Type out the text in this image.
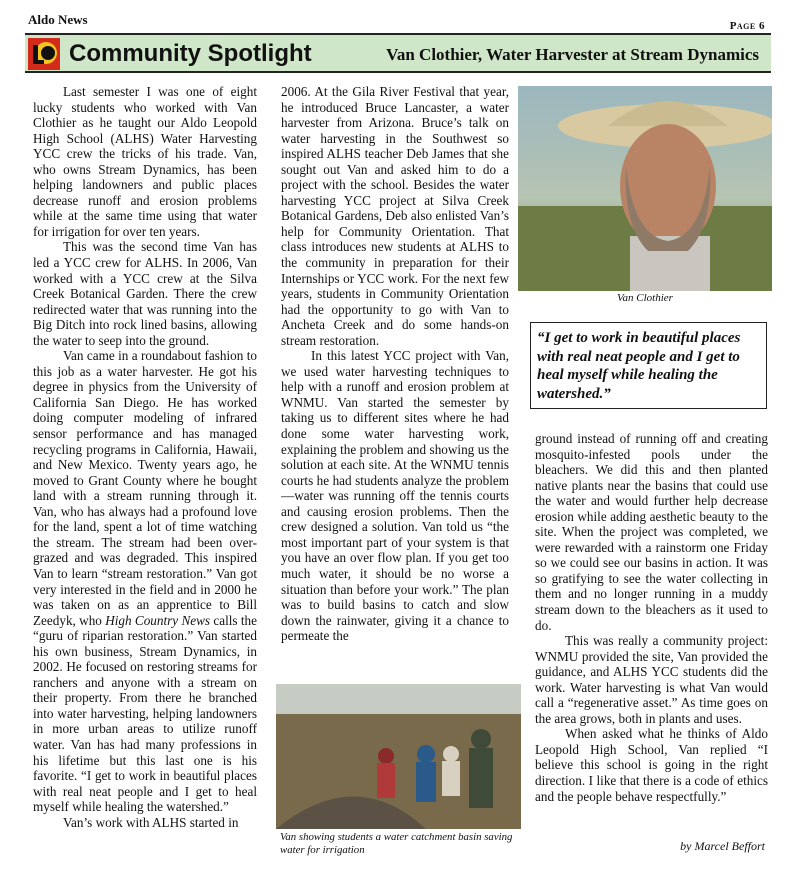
Aldo News	Page 6
Community Spotlight	Van Clothier, Water Harvester at Stream Dynamics

Last semester I was one of eight lucky students who worked with Van Clothier as he taught our Aldo Leopold High School (ALHS) Water Harvesting YCC crew the tricks of his trade. Van, who owns Stream Dynamics, has been helping landowners and public places decrease runoff and erosion problems while at the same time using that water for irrigation for over ten years.

This was the second time Van has led a YCC crew for ALHS. In 2006, Van worked with a YCC crew at the Silva Creek Botanical Garden. There the crew redirected water that was running into the Big Ditch into rock lined basins, allowing the water to seep into the ground.

Van came in a roundabout fashion to this job as a water harvester. He got his degree in physics from the University of California San Diego. He has worked doing computer modeling of infrared sensor performance and has managed recycling programs in California, Hawaii, and New Mexico. Twenty years ago, he moved to Grant County where he bought land with a stream running through it. Van, who has always had a profound love for the land, spent a lot of time watching the stream. The stream had been over-grazed and was degraded. This inspired Van to learn “stream restoration.” Van got very interested in the field and in 2000 he was taken on as an apprentice to Bill Zeedyk, who High Country News calls the “guru of riparian restoration.” Van started his own business, Stream Dynamics, in 2002. He focused on restoring streams for ranchers and anyone with a stream on their property. From there he branched into water harvesting, helping landowners in more urban areas to utilize runoff water. Van has had many professions in his lifetime but this last one is his favorite. “I get to work in beautiful places with real neat people and I get to heal myself while healing the watershed.”

Van’s work with ALHS started in

2006. At the Gila River Festival that year, he introduced Bruce Lancaster, a water harvester from Arizona. Bruce’s talk on water harvesting in the Southwest so inspired ALHS teacher Deb James that she sought out Van and asked him to do a project with the school. Besides the water harvesting YCC project at Silva Creek Botanical Gardens, Deb also enlisted Van’s help for Community Orientation. That class introduces new students at ALHS to the community in preparation for their Internships or YCC work. For the next few years, students in Community Orientation had the opportunity to go with Van to Ancheta Creek and do some hands-on stream restoration.

In this latest YCC project with Van, we used water harvesting techniques to help with a runoff and erosion problem at WNMU. Van started the semester by taking us to different sites where he had done some water harvesting work, explaining the problem and showing us the solution at each site. At the WNMU tennis courts he had students analyze the problem—water was running off the tennis courts and causing erosion problems. Then the crew designed a solution. Van told us “the most important part of your system is that you have an over flow plan. If you get too much water, it should be no worse a situation than before your work.” The plan was to build basins to catch and slow down the rainwater, giving it a chance to permeate the

Van Clothier
“I get to work in beautiful places with real neat people and I get to heal myself while healing the watershed.”

ground instead of running off and creating mosquito-infested pools under the bleachers. We did this and then planted native plants near the basins that could use the water and would further help decrease erosion while adding aesthetic beauty to the site. When the project was completed, we were rewarded with a rainstorm one Friday so we could see our basins in action. It was so gratifying to see the water collecting in them and no longer running in a muddy stream down to the bleachers as it used to do.

This was really a community project: WNMU provided the site, Van provided the guidance, and ALHS YCC students did the work. Water harvesting is what Van would call a “regenerative asset.” As time goes on the area grows, both in plants and uses.

When asked what he thinks of Aldo Leopold High School, Van replied “I believe this school is going in the right direction. I like that there is a code of ethics and the people behave respectfully.”

Van showing students a water catchment basin saving water for irrigation	by Marcel Beffort
